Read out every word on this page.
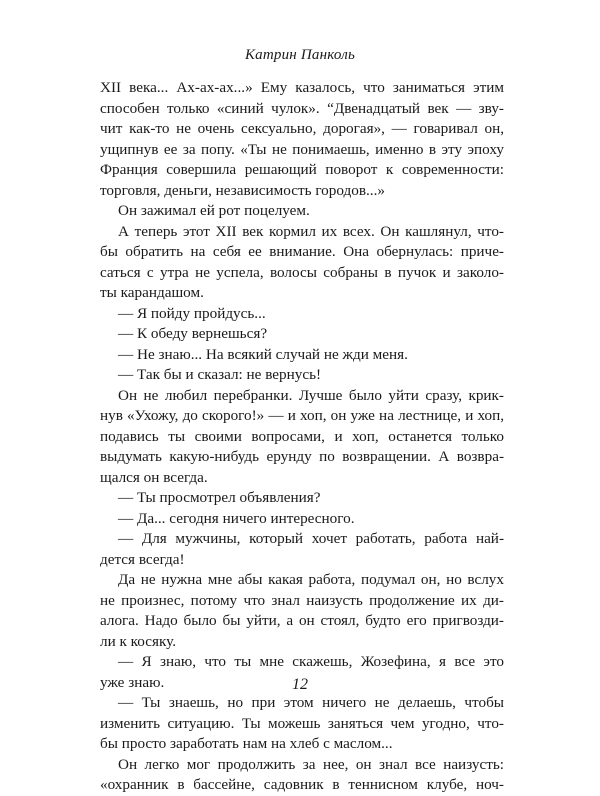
Катрин Панколь
XII века... Ах-ах-ах...» Ему казалось, что заниматься этим
способен только «синий чулок». “Двенадцатый век — зву-
чит как-то не очень сексуально, дорогая», — говаривал он,
ущипнув ее за попу. «Ты не понимаешь, именно в эту эпоху
Франция совершила решающий поворот к современности:
торговля, деньги, независимость городов...»
Он зажимал ей рот поцелуем.
А теперь этот XII век кормил их всех. Он кашлянул, что-
бы обратить на себя ее внимание. Она обернулась: приче-
саться с утра не успела, волосы собраны в пучок и заколо-
ты карандашом.
— Я пойду пройдусь...
— К обеду вернешься?
— Не знаю... На всякий случай не жди меня.
— Так бы и сказал: не вернусь!
Он не любил перебранки. Лучше было уйти сразу, крик-
нув «Ухожу, до скорого!» — и хоп, он уже на лестнице, и хоп,
подавись ты своими вопросами, и хоп, останется только
выдумать какую-нибудь ерунду по возвращении. А возвра-
щался он всегда.
— Ты просмотрел объявления?
— Да... сегодня ничего интересного.
— Для мужчины, который хочет работать, работа най-
дется всегда!
Да не нужна мне абы какая работа, подумал он, но вслух
не произнес, потому что знал наизусть продолжение их ди-
алога. Надо было бы уйти, а он стоял, будто его пригвозди-
ли к косяку.
— Я знаю, что ты мне скажешь, Жозефина, я все это
уже знаю.
— Ты знаешь, но при этом ничего не делаешь, чтобы
изменить ситуацию. Ты можешь заняться чем угодно, что-
бы просто заработать нам на хлеб с маслом...
Он легко мог продолжить за нее, он знал все наизусть:
«охранник в бассейне, садовник в теннисном клубе, ноч-
12
